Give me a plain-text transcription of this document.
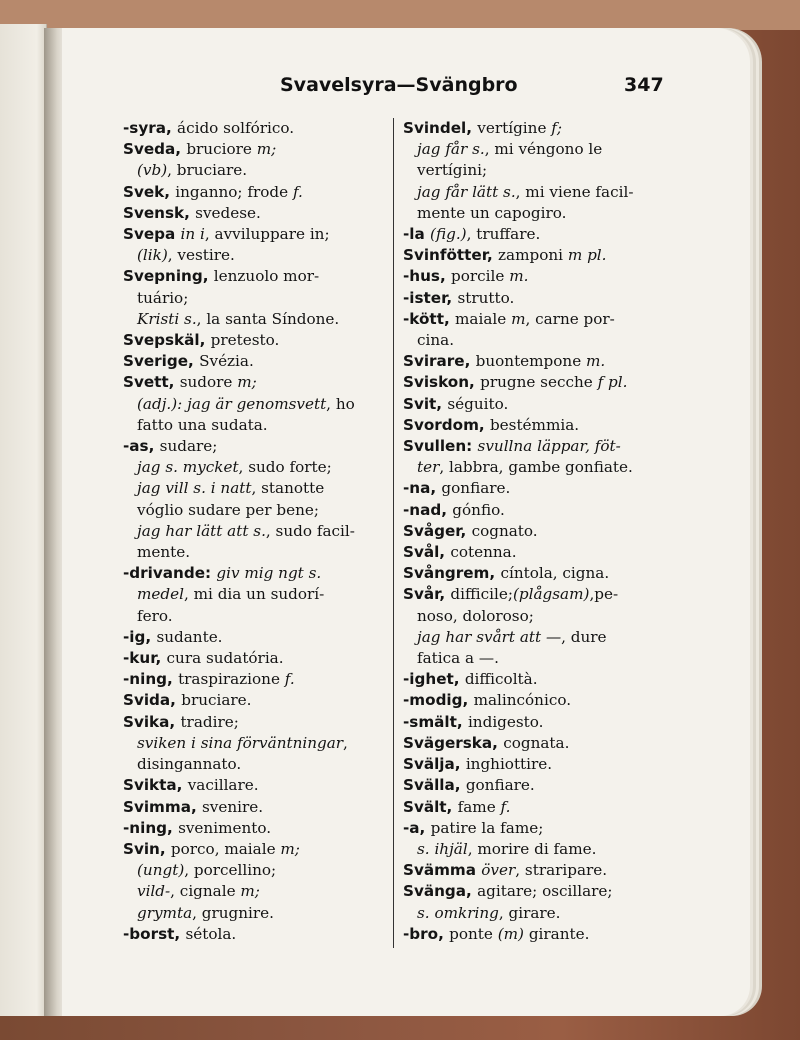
Svavelsyra—Svängbro	347
-syra, ácido solfórico.
Sveda, bruciore m;
(vb), bruciare.
Svek, inganno; frode f.
Svensk, svedese.
Svepa in i, avviluppare in;
(lik), vestire.
Svepning, lenzuolo mor-
tuário;
Kristi s., la santa Síndone.
Svepskäl, pretesto.
Sverige, Svézia.
Svett, sudore m;
(adj.): jag är genomsvett, ho
fatto una sudata.
-as, sudare;
jag s. mycket, sudo forte;
jag vill s. i natt, stanotte
vóglio sudare per bene;
jag har lätt att s., sudo facil-
mente.
-drivande: giv mig ngt s.
medel, mi dia un sudorí-
fero.
-ig, sudante.
-kur, cura sudatória.
-ning, traspirazione f.
Svida, bruciare.
Svika, tradire;
sviken i sina förväntningar,
disingannato.
Svikta, vacillare.
Svimma, svenire.
-ning, svenimento.
Svin, porco, maiale m;
(ungt), porcellino;
vild-, cignale m;
grymta, grugnire.
-borst, sétola.
Svindel, vertígine f;
jag får s., mi véngono le
vertígini;
jag får lätt s., mi viene facil-
mente un capogiro.
-la (fig.), truffare.
Svinfötter, zamponi m pl.
-hus, porcile m.
-ister, strutto.
-kött, maiale m, carne por-
cina.
Svirare, buontempone m.
Sviskon, prugne secche f pl.
Svit, séguito.
Svordom, bestémmia.
Svullen: svullna läppar, föt-
ter, labbra, gambe gonfiate.
-na, gonfiare.
-nad, gónfio.
Svåger, cognato.
Svål, cotenna.
Svångrem, cíntola, cigna.
Svår, difficile;(plågsam),pe-
noso, doloroso;
jag har svårt att —, dure
fatica a —.
-ighet, difficoltà.
-modig, malincónico.
-smält, indigesto.
Svägerska, cognata.
Svälja, inghiottire.
Svälla, gonfiare.
Svält, fame f.
-a, patire la fame;
s. ihjäl, morire di fame.
Svämma över, straripare.
Svänga, agitare; oscillare;
s. omkring, girare.
-bro, ponte (m) girante.
